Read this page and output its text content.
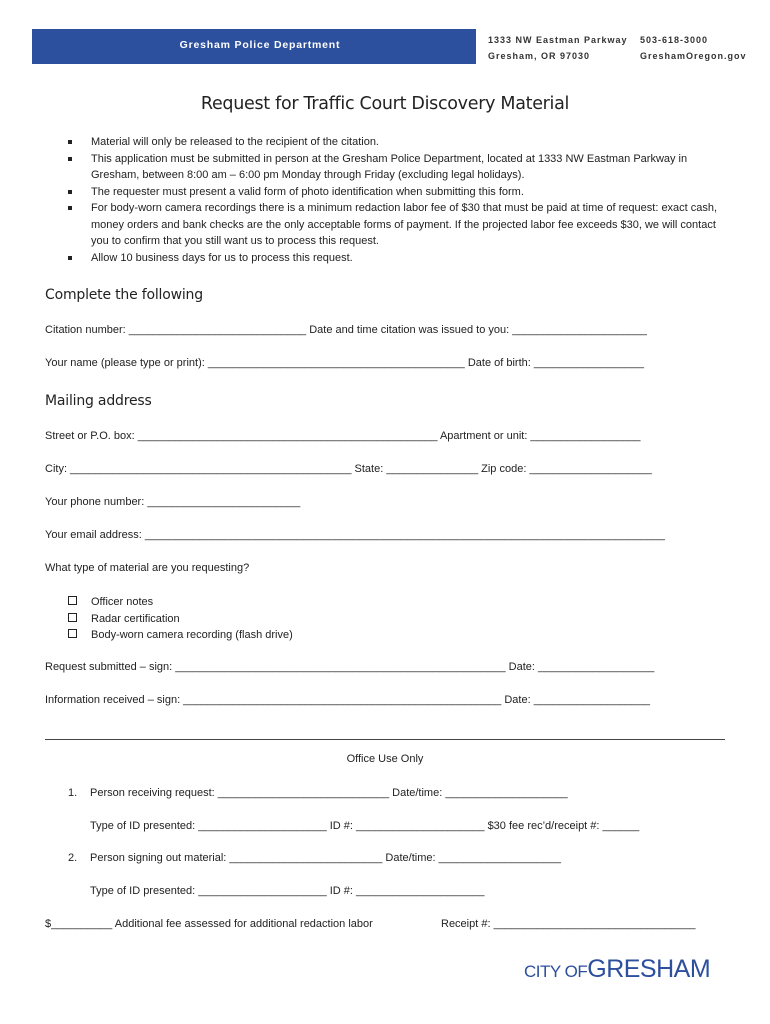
Gresham Police Department	1333 NW Eastman Parkway
Gresham, OR 97030
503-618-3000
GreshamOregon.gov
Request for Traffic Court Discovery Material
Material will only be released to the recipient of the citation.
This application must be submitted in person at the Gresham Police Department, located at 1333 NW Eastman Parkway in Gresham, between 8:00 am – 6:00 pm Monday through Friday (excluding legal holidays).
The requester must present a valid form of photo identification when submitting this form.
For body-worn camera recordings there is a minimum redaction labor fee of $30 that must be paid at time of request: exact cash, money orders and bank checks are the only acceptable forms of payment. If the projected labor fee exceeds $30, we will contact you to confirm that you still want us to process this request.
Allow 10 business days for us to process this request.
Complete the following
Citation number: _____________________________ Date and time citation was issued to you: ______________________
Your name (please type or print): __________________________________________ Date of birth: __________________
Mailing address
Street or P.O. box: _________________________________________________ Apartment or unit: __________________
City: ______________________________________________ State: _______________ Zip code: ____________________
Your phone number: _________________________
Your email address: _____________________________________________________________________________________
What type of material are you requesting?
Officer notes
Radar certification
Body-worn camera recording (flash drive)
Request submitted – sign: ______________________________________________________ Date: ___________________
Information received – sign: ____________________________________________________ Date: ___________________
Office Use Only
1. Person receiving request: ____________________________ Date/time: ____________________
Type of ID presented: _____________________ ID #: _____________________ $30 fee rec’d/receipt #: ______
2. Person signing out material: _________________________ Date/time: ____________________
Type of ID presented: _____________________ ID #: _____________________
$__________ Additional fee assessed for additional redaction labor	Receipt #: _________________________________
CITY OFGRESHAM
